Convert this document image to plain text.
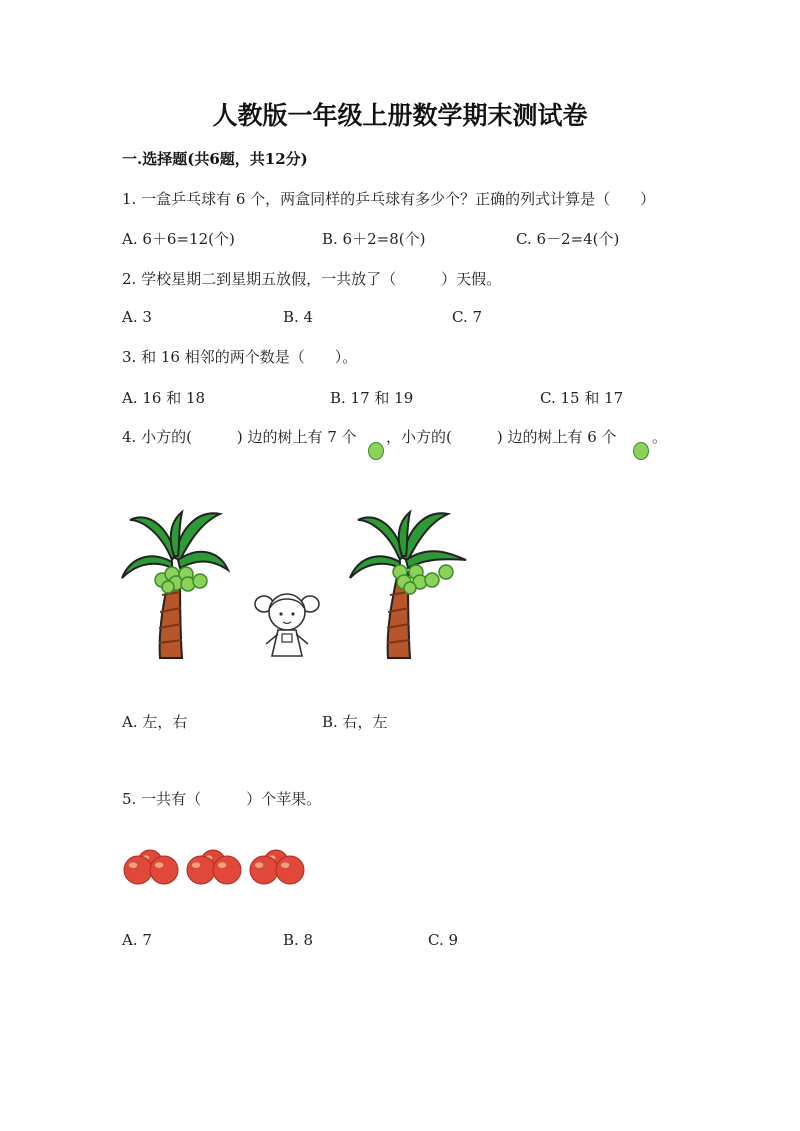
人教版一年级上册数学期末测试卷
一.选择题(共6题，共12分)
1. 一盒乒乓球有 6 个，两盒同样的乒乓球有多少个？正确的列式计算是（　　）
A. 6＋6=12(个)	B. 6＋2=8(个)	C. 6－2=4(个)
2. 学校星期二到星期五放假，一共放了（　　　）天假。
A. 3	B. 4	C. 7
3. 和 16 相邻的两个数是（　　）。
A. 16 和 18	B. 17 和 19	C. 15 和 17
4. 小方的(　　　) 边的树上有 7 个 ，小方的(　　　) 边的树上有 6 个 。
A. 左，右	B. 右，左
5. 一共有（　　　）个苹果。
A. 7	B. 8	C. 9
